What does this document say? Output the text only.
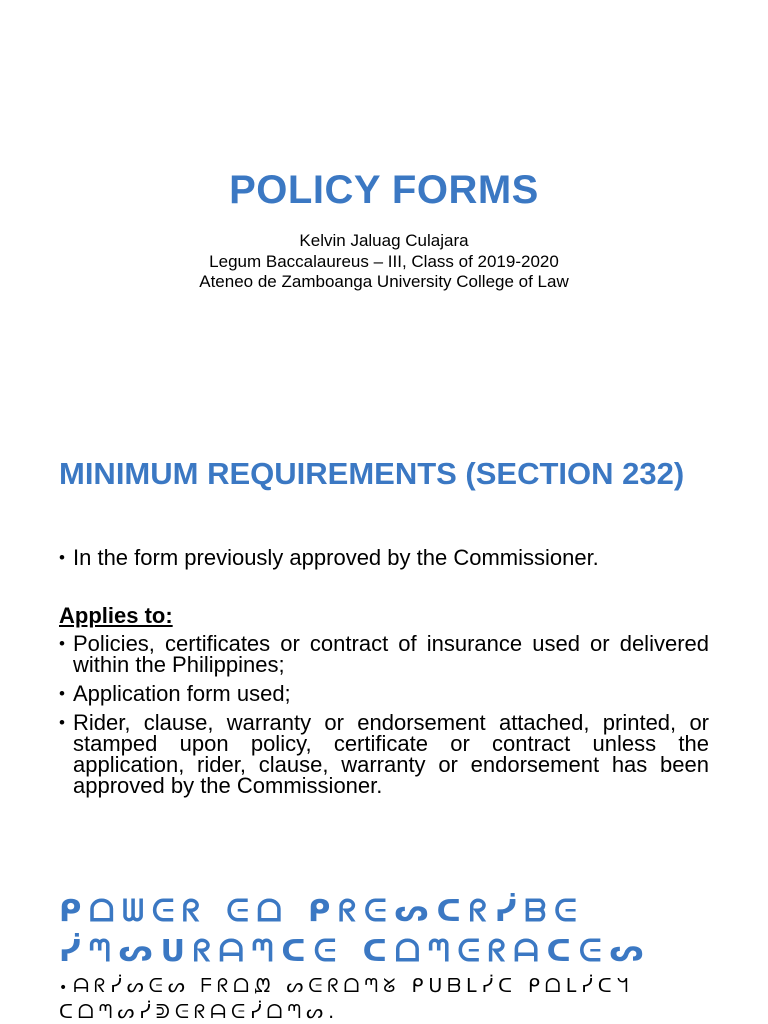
POLICY FORMS
Kelvin Jaluag Culajara
Legum Baccalaureus – III, Class of 2019-2020
Ateneo de Zamboanga University College of Law
MINIMUM REQUIREMENTS (SECTION 232)
• In the form previously approved by the Commissioner.
Applies to:
• Policies, certificates or contract of insurance used or delivered within the Philippines;
• Application form used;
• Rider, clause, warranty or endorsement attached, printed, or stamped upon policy, certificate or contract unless the application, rider, clause, warranty or endorsement has been approved by the Commissioner.
ᑭᗝᗯᕮᖇ ᕮᗝ ᑭᖇᕮᔕᑕᖇᓰᗷᕮ ᓰᘉᔕᑌᖇᗩᘉᑕᕮ ᑕᗝᘉᕮᖇᗩᑕᕮᔕ
• ᗩᖇᓰᔕᕮᔕ ᖴᖇᗝᘻ ᔕᕮᖇᗝᘉᘜ ᑭᑌᗷᒪᓰᑕ ᑭᗝᒪᓰᑕᖻ ᑕᗝᘉᔕᓰᕲᕮᖇᗩᕮᓰᗝᘉᔕ.
